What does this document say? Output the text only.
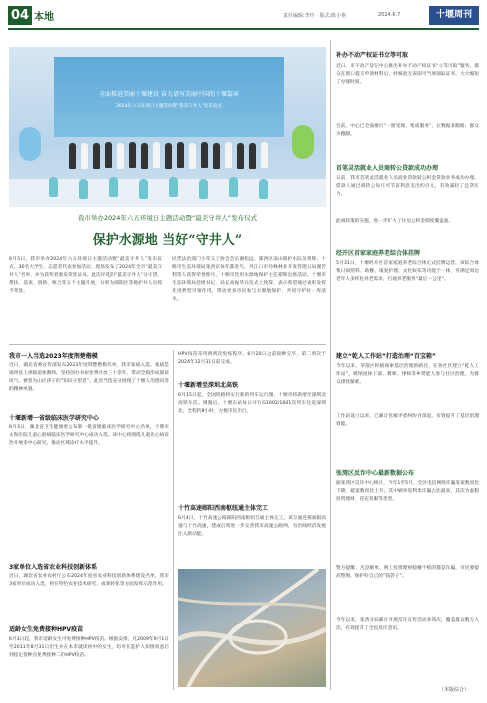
04 本地	责任编辑:李玲 · 版式:陈小艳	2024.6.7	十堰周刊
全面推进美丽十堰建设 奋力谱写美丽中国的十堰篇章
2024年六五环境日主题活动暨“晨美守井人”发布仪式
我市举办2024年六五环境日主题活动暨“最美守井人”发布仪式
保护水源地 当好“守井人”
6月5日，我市举办2024年六五环境日主题活动暨“最美守井人”发布仪式。30名大学生、志愿者代表参加活动，现场发布了2024年全市“最美守井人”名单，并为获奖者颁发荣誉证书。此次评选的“最美守井人”分守望、帮扶、巡查、创新、统合等五个主题开展，分别为郧阳区等地护井人员授予荣誉。
民凭法治部门小草义工协会会长谢松远、郧西区南山镇护水队员黄辉；十堰市生态环境局张西京每年都赴鸟、丹江口市丹峰林业开发管理五局谢苦利等人获得荣誉称号，十堰市饮用水源地保护主任郑辉出席活动。十堰市生态环境局党组书记、局长高振华在仪式上致辞，表示希望通过表彰发挥先进典型引领作用，带动更多市民参与水源地保护，共同守护好一库清水。
我市一人当选2023年度荆楚楷模
近日，湖北省委宣传部发布2023年度荆楚楷模名单，我市张斌入选。张斌是郧西县上津镇退休教师，坚持创办书屋免费开放三十余年，带动全镇形成阅读风气，被誉为山区孩子的“知识守望者”。此次当选充分展现了十堰人崇德向善的精神风貌。
十堰新增一省级临床医学研究中心
6月3日，湖北省卫生健康委公布新一批省级临床医学研究中心名单，十堰市太和医院儿童心脏病临床医学研究中心成功入选。该中心将围绕儿童先心病诊治开展多中心研究，推动区域诊疗水平提升。
3家单位入选省农业科技创新体系
近日，湖北省农业农村厅公布2024年度省农业科技创新体系建设名单，我市3家单位成功入选，将在特色农业技术研究、成果转化等方面发挥示范作用。
适龄女生免费接种HPV疫苗
6月3日起，我市适龄女生可免费接种HPV疫苗。根据安排，凡2009年9月1日至2011年8月31日出生并在本市就读初中的女生，均可在监护人知情同意后到指定接种点免费接种二价HPV疫苗。
HPV疫苗采用两剂次免疫程序，6月20日之前接种完毕，第二剂次于2024年12月31日前完成。
十堰新增至深圳北高铁
6月15日起，全国铁路将实行新的列车运行图，十堰市将新增至深圳北高铁车次。调图后，十堰东站每日开行G1602/1601次列车往返深圳北，全程约8小时，方便市民出行。
十竹高速郧阳西南枢纽通主体完工
6月4日，十竹高速公路郧阳西南枢纽互通主体完工。该互通连接福银高速与十竹高速，建成后将进一步完善我市高速公路网，为沿线经济发展注入新动能。
补办不动产权证书立等可取
近日，市不动产登记中心推出补办不动产权证书“立等可取”服务。群众在窗口提交申请材料后，经核验无误即可当场领取证书，大大缩短了办理时间。
目前，中心已全面推行“一窗受理、集成服务”，让数据多跑路、群众少跑腿。
首笔灵活就业人员商转公贷款成功办理
日前，我市首笔灵活就业人员商业贷款转公积金贷款业务成功办理。借款人通过商转公每月可节省利息支出约百元，有效减轻了还贷压力。
此项政策的实施，进一步扩大了住房公积金制度覆盖面。
经开区首家家庭养老综合体挂牌
5月31日，十堰经开区首家家庭养老综合体正式挂牌运营。该综合体集日间照料、助餐、康复护理、文化娱乐等功能于一体，可满足周边老年人多样化养老需求，打通养老服务“最后一公里”。
建立“乾人工作站”打造治理“百宝箱”
今年以来，茅箭区积极探索基层治理新路径，在各社区建立“乾人工作站”，吸纳退休干部、教师、律师等乡贤能人参与社区治理，为群众排忧解难。
工作站设立以来，已累计化解矛盾纠纷百余起，有效提升了基层治理效能。
张湾区反诈中心最新数据公布
据张湾区反诈中心统计，今年1至5月，全区电信网络诈骗发案数同比下降，破案数同比上升。其中刷单返利类诈骗占比最高，其次为虚假投资理财、冒充客服等类型。
警方提醒：凡是刷单、网上投资理财稳赚不赔的都是诈骗，市民要提高警惕，保护好自己的“钱袋子”。
今年以来，张湾分局累计开展反诈宣传活动多场次，覆盖群众数万人次，有效提升了全民反诈意识。
（本版综合）
